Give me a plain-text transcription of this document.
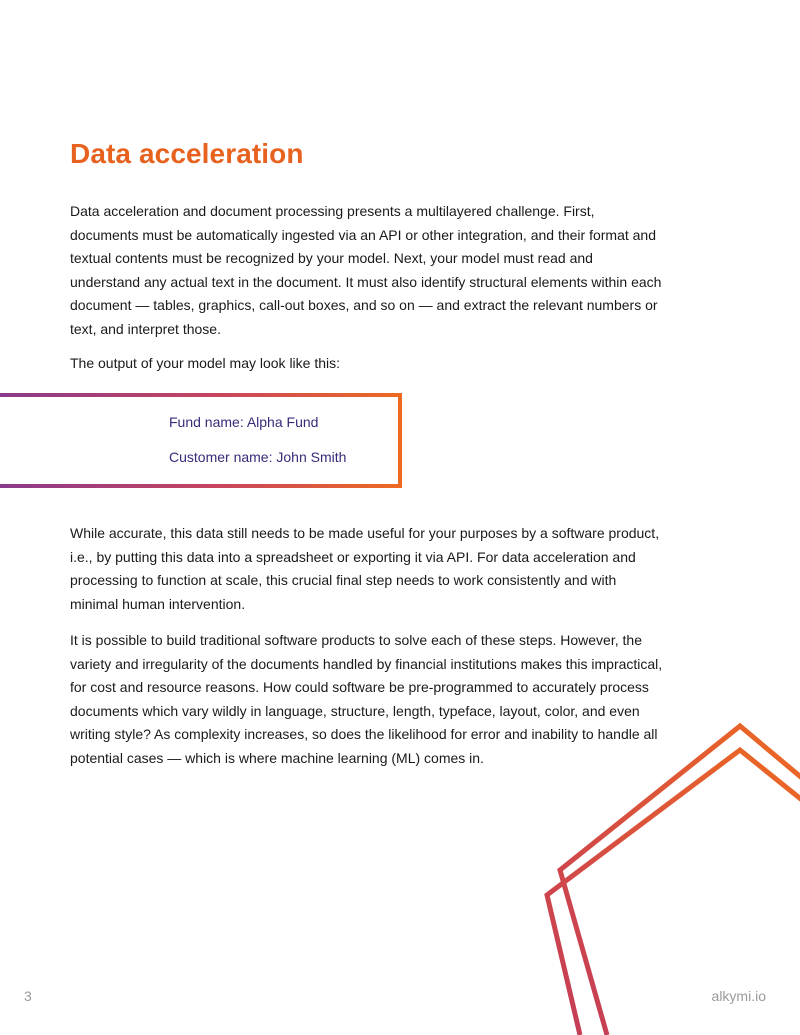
Data acceleration

Data acceleration and document processing presents a multilayered challenge. First, documents must be automatically ingested via an API or other integration, and their format and textual contents must be recognized by your model. Next, your model must read and understand any actual text in the document. It must also identify structural elements within each document — tables, graphics, call-out boxes, and so on — and extract the relevant numbers or text, and interpret those.

The output of your model may look like this:

Fund name: Alpha Fund

Customer name: John Smith

While accurate, this data still needs to be made useful for your purposes by a software product, i.e., by putting this data into a spreadsheet or exporting it via API. For data acceleration and processing to function at scale, this crucial final step needs to work consistently and with minimal human intervention.

It is possible to build traditional software products to solve each of these steps. However, the variety and irregularity of the documents handled by financial institutions makes this impractical, for cost and resource reasons. How could software be pre-programmed to accurately process documents which vary wildly in language, structure, length, typeface, layout, color, and even writing style? As complexity increases, so does the likelihood for error and inability to handle all potential cases — which is where machine learning (ML) comes in.

3	alkymi.io
